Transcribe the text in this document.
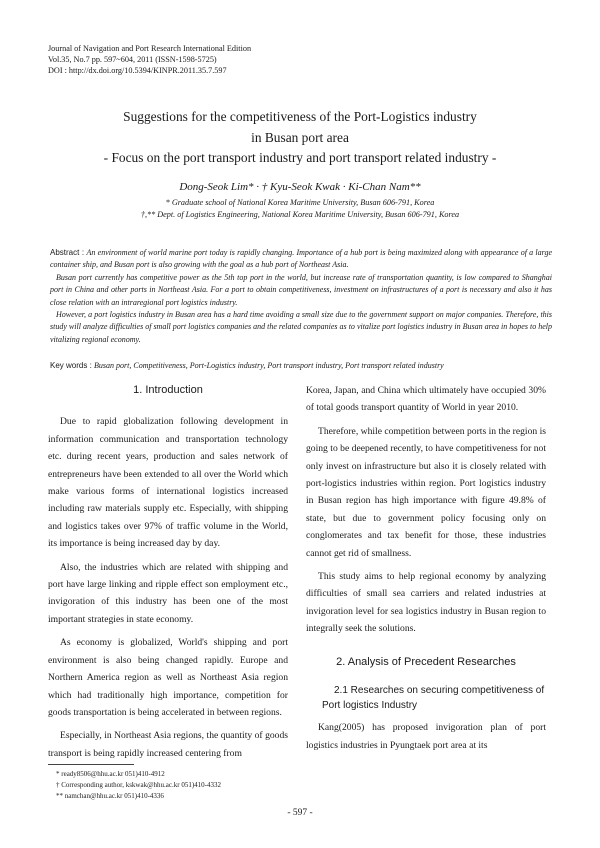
Journal of Navigation and Port Research International Edition
Vol.35, No.7 pp. 597~604, 2011 (ISSN-1598-5725)
DOI : http://dx.doi.org/10.5394/KINPR.2011.35.7.597
Suggestions for the competitiveness of the Port-Logistics industry
in Busan port area
- Focus on the port transport industry and port transport related industry -
Dong-Seok Lim* · † Kyu-Seok Kwak · Ki-Chan Nam**
* Graduate school of National Korea Maritime University, Busan 606-791, Korea
†,** Dept. of Logistics Engineering, National Korea Maritime University, Busan 606-791, Korea

Abstract : An environment of world marine port today is rapidly changing. Importance of a hub port is being maximized along with appearance of a large container ship, and Busan port is also growing with the goal as a hub port of Northeast Asia.

Busan port currently has competitive power as the 5th top port in the world, but increase rate of transportation quantity, is low compared to Shanghai port in China and other ports in Northeast Asia. For a port to obtain competitiveness, investment on infrastructures of a port is necessary and also it has close relation with an intraregional port logistics industry.

However, a port logistics industry in Busan area has a hard time avoiding a small size due to the government support on major companies. Therefore, this study will analyze difficulties of small port logistics companies and the related companies as to vitalize port logistics industry in Busan area in hopes to help vitalizing regional economy.

Key words : Busan port, Competitiveness, Port-Logistics industry, Port transport industry, Port transport related industry

1. Introduction

Due to rapid globalization following development in information communication and transportation technology etc. during recent years, production and sales network of entrepreneurs have been extended to all over the World which make various forms of international logistics increased including raw materials supply etc. Especially, with shipping and logistics takes over 97% of traffic volume in the World, its importance is being increased day by day.

Also, the industries which are related with shipping and port have large linking and ripple effect son employment etc., invigoration of this industry has been one of the most important strategies in state economy.

As economy is globalized, World's shipping and port environment is also being changed rapidly. Europe and Northern America region as well as Northeast Asia region which had traditionally high importance, competition for goods transportation is being accelerated in between regions.

Especially, in Northeast Asia regions, the quantity of goods transport is being rapidly increased centering from

Korea, Japan, and China which ultimately have occupied 30% of total goods transport quantity of World in year 2010.

Therefore, while competition between ports in the region is going to be deepened recently, to have competitiveness for not only invest on infrastructure but also it is closely related with port-logistics industries within region. Port logistics industry in Busan region has high importance with figure 49.8% of state, but due to government policy focusing only on conglomerates and tax benefit for those, these industries cannot get rid of smallness.

This study aims to help regional economy by analyzing difficulties of small sea carriers and related industries at invigoration level for sea logistics industry in Busan region to integrally seek the solutions.

2. Analysis of Precedent Researches

2.1 Researches on securing competitiveness of Port logistics Industry

Kang(2005) has proposed invigoration plan of port logistics industries in Pyungtaek port area at its

* ready8506@hhu.ac.kr 051)410-4912
† Corresponding author, kskwak@hhu.ac.kr 051)410-4332
** namchan@hhu.ac.kr 051)410-4336
- 597 -
